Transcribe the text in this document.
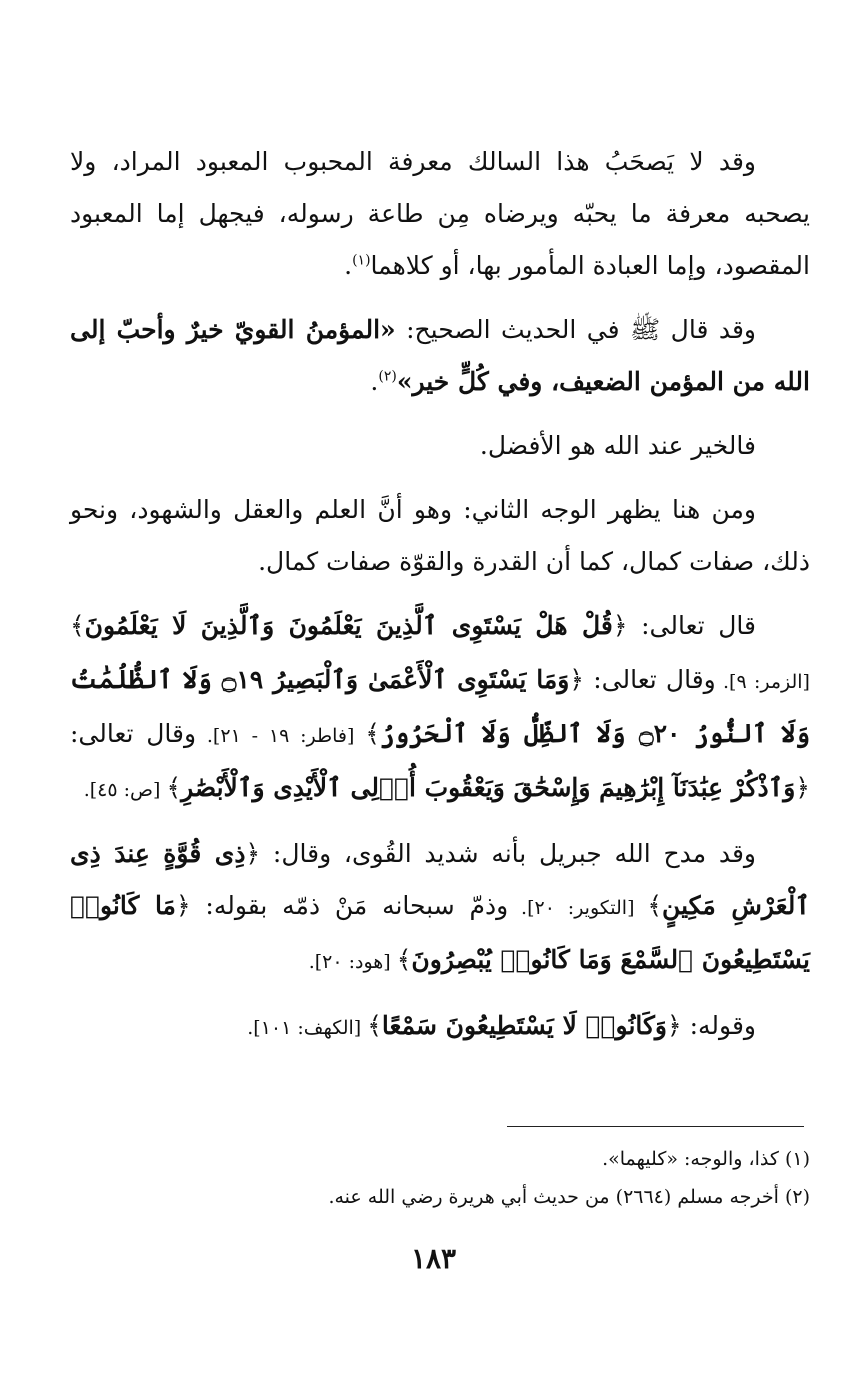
وقد لا يَصحَبُ هذا السالك معرفة المحبوب المعبود المراد، ولا يصحبه معرفة ما يحبّه ويرضاه مِن طاعة رسوله، فيجهل إما المعبود المقصود، وإما العبادة المأمور بها، أو كلاهما$^{(١)}$.

وقد قال ﷺ في الحديث الصحيح: «المؤمنُ القويّ خيرٌ وأحبّ إلى الله من المؤمن الضعيف، وفي كُلٍّ خير»$^{(٢)}$.

فالخير عند الله هو الأفضل.

ومن هنا يظهر الوجه الثاني: وهو أنَّ العلم والعقل والشهود، ونحو ذلك، صفات كمال، كما أن القدرة والقوّة صفات كمال.

قال تعالى: ﴿قُلْ هَلْ يَسْتَوِى ٱلَّذِينَ يَعْلَمُونَ وَٱلَّذِينَ لَا يَعْلَمُونَ﴾ [الزمر: ٩]. وقال تعالى: ﴿وَمَا يَسْتَوِى ٱلْأَعْمَىٰ وَٱلْبَصِيرُ ۝١٩ وَلَا ٱلظُّلُمَٰتُ وَلَا ٱلنُّورُ ۝٢٠ وَلَا ٱلظِّلُّ وَلَا ٱلْحَرُورُ﴾ [فاطر: ١٩ - ٢١]. وقال تعالى: ﴿وَٱذْكُرْ عِبَٰدَنَآ إِبْرَٰهِيمَ وَإِسْحَٰقَ وَيَعْقُوبَ أُو۟لِى ٱلْأَيْدِى وَٱلْأَبْصَٰرِ﴾ [ص: ٤٥].

وقد مدح الله جبريل بأنه شديد القُوى، وقال: ﴿ذِى قُوَّةٍ عِندَ ذِى ٱلْعَرْشِ مَكِينٍ﴾ [التكوير: ٢٠]. وذمّ سبحانه مَنْ ذمّه بقوله: ﴿مَا كَانُوا۟ يَسْتَطِيعُونَ ٱلسَّمْعَ وَمَا كَانُوا۟ يُبْصِرُونَ﴾ [هود: ٢٠].

وقوله: ﴿وَكَانُوا۟ لَا يَسْتَطِيعُونَ سَمْعًا﴾ [الكهف: ١٠١].

(١) كذا، والوجه: «كليهما».

(٢) أخرجه مسلم (٢٦٦٤) من حديث أبي هريرة رضي الله عنه.

١٨٣
